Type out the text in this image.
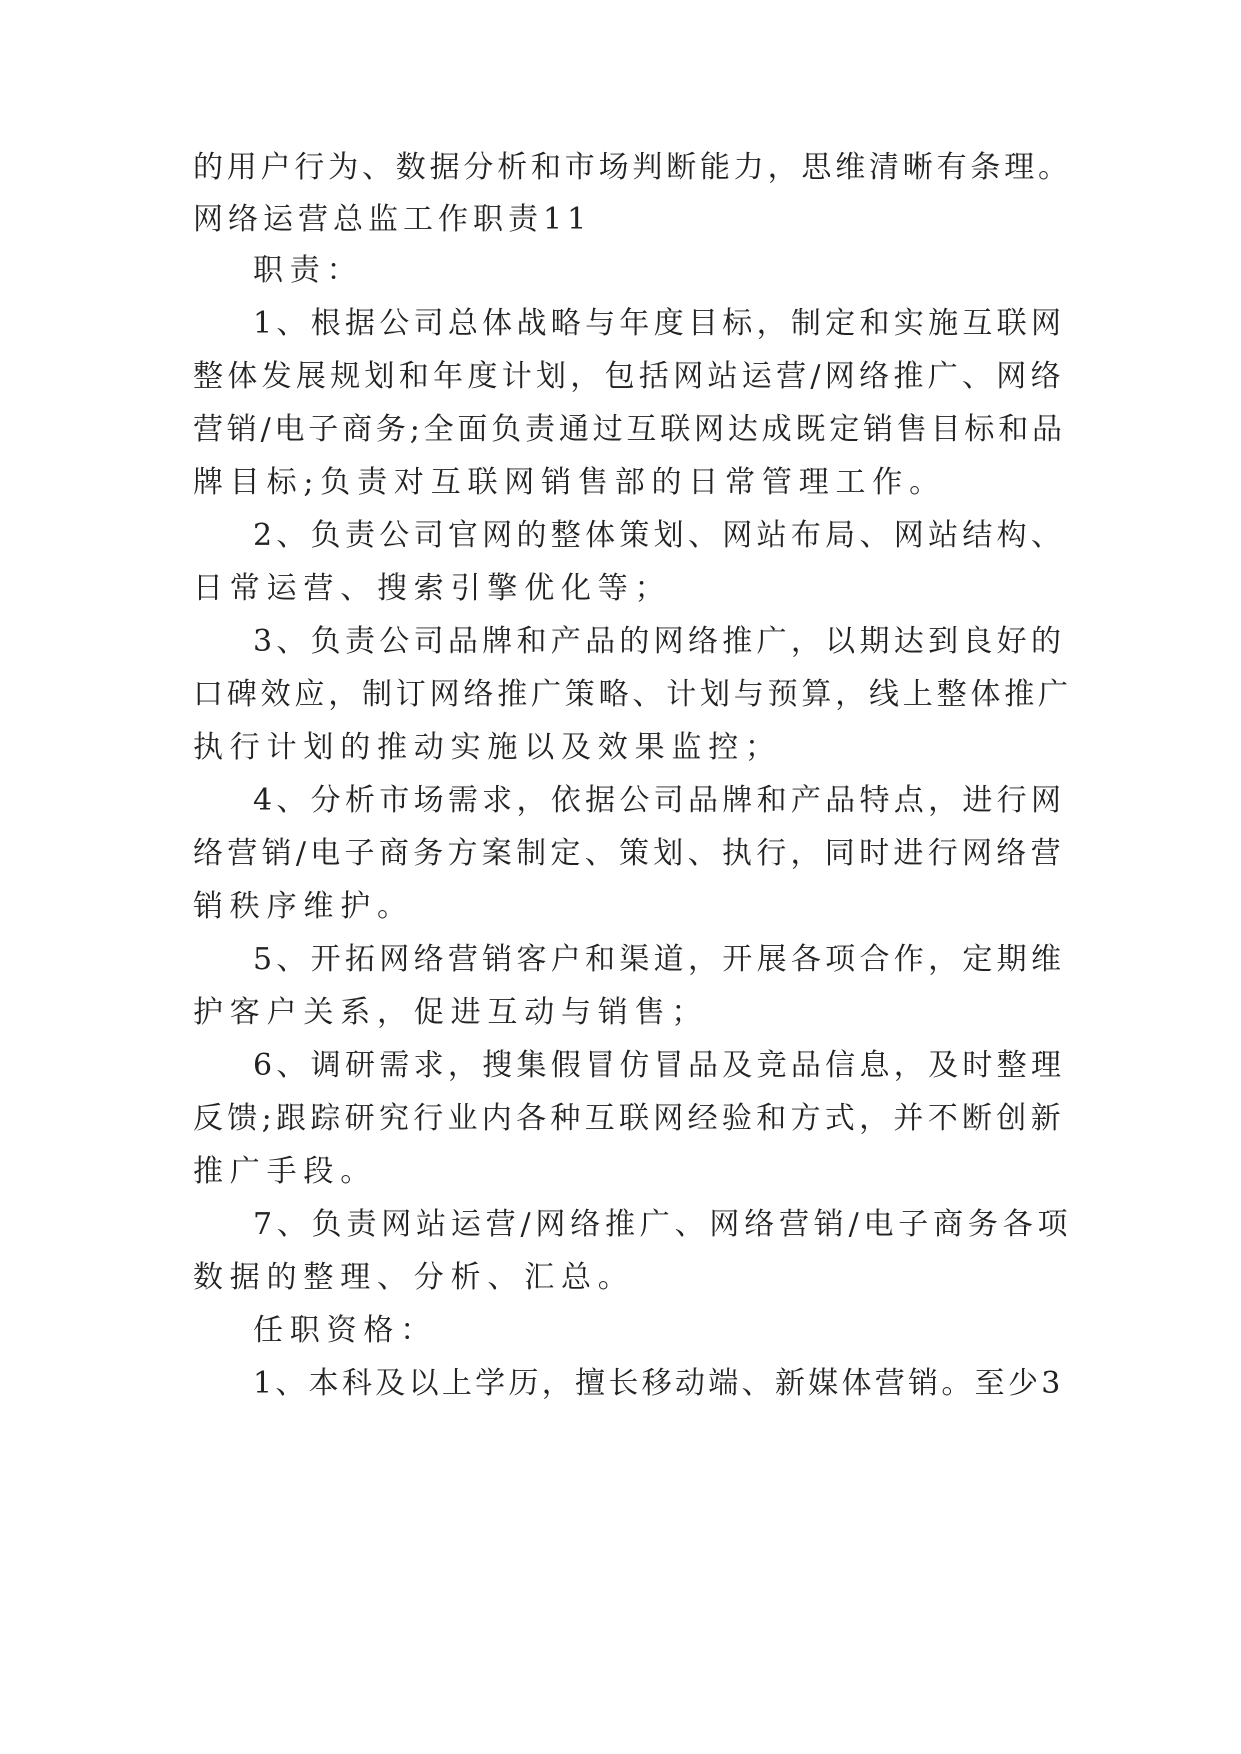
的用户行为、数据分析和市场判断能力，思维清晰有条理。
网络运营总监工作职责11
职责：
1、根据公司总体战略与年度目标，制定和实施互联网
整体发展规划和年度计划，包括网站运营/网络推广、网络
营销/电子商务;全面负责通过互联网达成既定销售目标和品
牌目标;负责对互联网销售部的日常管理工作。
2、负责公司官网的整体策划、网站布局、网站结构、
日常运营、搜索引擎优化等；
3、负责公司品牌和产品的网络推广，以期达到良好的
口碑效应，制订网络推广策略、计划与预算，线上整体推广
执行计划的推动实施以及效果监控；
4、分析市场需求，依据公司品牌和产品特点，进行网
络营销/电子商务方案制定、策划、执行，同时进行网络营
销秩序维护。
5、开拓网络营销客户和渠道，开展各项合作，定期维
护客户关系，促进互动与销售；
6、调研需求，搜集假冒仿冒品及竞品信息，及时整理
反馈;跟踪研究行业内各种互联网经验和方式，并不断创新
推广手段。
7、负责网站运营/网络推广、网络营销/电子商务各项
数据的整理、分析、汇总。
任职资格：
1、本科及以上学历，擅长移动端、新媒体营销。至少3
